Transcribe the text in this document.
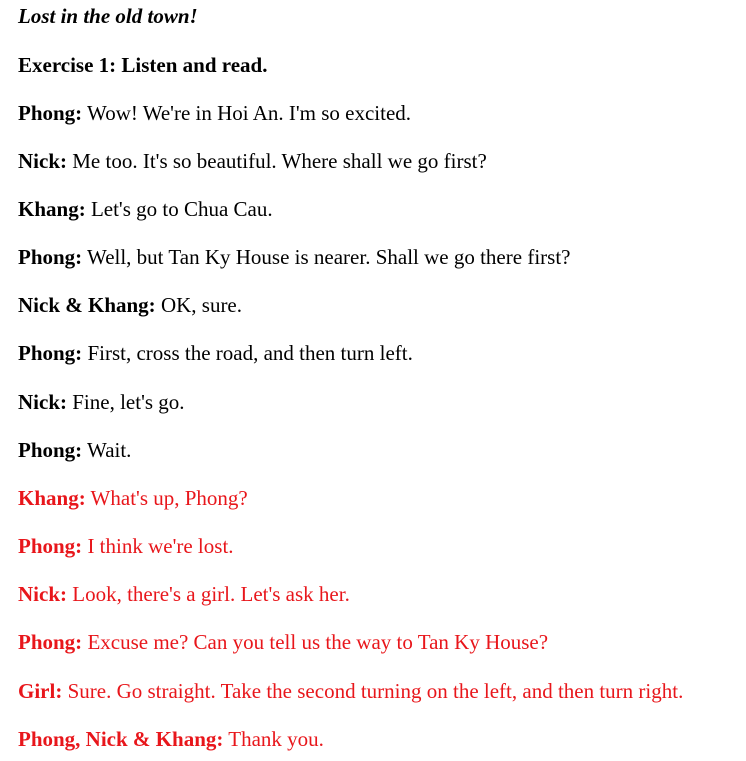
Lost in the old town!
Exercise 1: Listen and read.
Phong: Wow! We're in Hoi An. I'm so excited.
Nick: Me too. It's so beautiful. Where shall we go first?
Khang: Let's go to Chua Cau.
Phong: Well, but Tan Ky House is nearer. Shall we go there first?
Nick & Khang: OK, sure.
Phong: First, cross the road, and then turn left.
Nick: Fine, let's go.
Phong: Wait.
Khang: What's up, Phong?
Phong: I think we're lost.
Nick: Look, there's a girl. Let's ask her.
Phong: Excuse me? Can you tell us the way to Tan Ky House?
Girl: Sure. Go straight. Take the second turning on the left, and then turn right.
Phong, Nick & Khang: Thank you.
